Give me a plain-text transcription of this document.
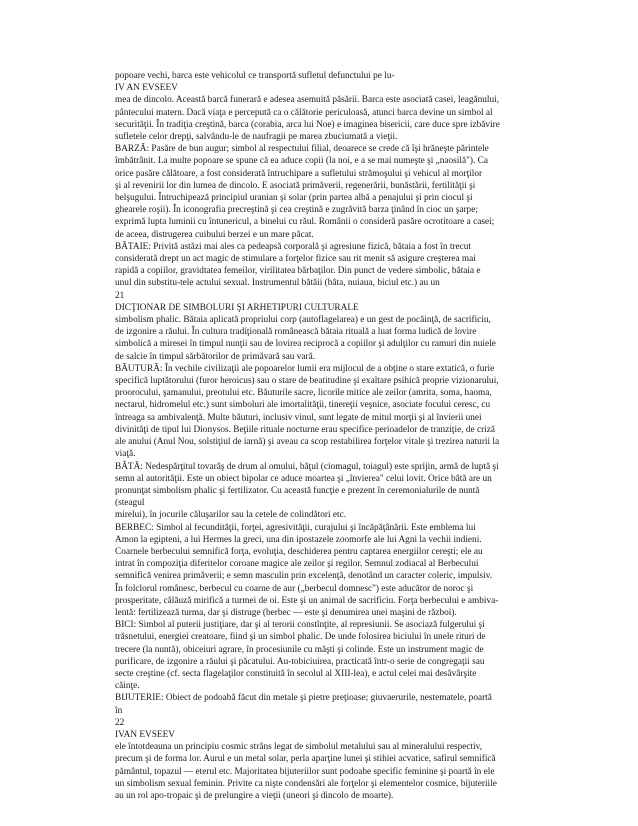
popoare vechi, barca este vehicolul ce transportă sufletul defunctului pe lu-

IV AN EVSEEV

mea de dincolo. Această barcă funerară e adesea asemuită păsării. Barca este asociată casei, leagănului,

pântecului matern. Dacă viaţa e percepută ca o călătorie periculoasă, atunci barca devine un simbol al

securităţii. În tradiţia creştină, barca (corabia, arca lui Noe) e imaginea bisericii, care duce spre izbăvire

sufletele celor drepţi, salvându-le de naufragii pe marea zbuciumată a vieţii.

BARZĂ: Pasăre de bun augur; simbol al respectului filial, deoarece se crede că îşi hrăneşte părintele

îmbătrânit. La multe popoare se spune că ea aduce copii (la noi, e a se mai numeşte şi „naosilă"). Ca

orice pasăre călătoare, a fost considerată întruchipare a sufletului strămoşului şi vehicul al morţilor

şi al revenirii lor din lumea de dincolo. E asociată primăverii, regenerării, bunăstării, fertilităţii şi

belşugului. Întruchipează principiul uranian şi solar (prin partea albă a penajului şi prin ciocul şi

ghearele roşii). În iconografia precreştină şi cea creştină e zugrăvită barza ţinând în cioc un şarpe;

exprimă lupta luminii cu întunericul, a binelui cu răul. Românii o consideră pasăre ocrotitoare a casei;

de aceea, distrugerea cuibului berzei e un mare păcat.

BĂTAIE: Privită astăzi mai ales ca pedeapsă corporală şi agresiune fizică, bătaia a fost în trecut

considerată drept un act magic de stimulare a forţelor fizice sau rit menit să asigure creşterea mai

rapidă a copiilor, gravidtatea femeilor, virilitatea bărbaţilor. Din punct de vedere simbolic, bătaia e

unul din substitu-tele actului sexual. Instrumentul bătăii (bâta, nuiaua, biciul etc.) au un

21

DICŢIONAR DE SIMBOLURI ŞI ARHETIPURI CULTURALE

simbolism phalic. Bătaia aplicată propriului corp (autoflagelarea) e un gest de pocăinţă, de sacrificiu,

de izgonire a răului. În cultura tradiţională românească bătaia rituală a luat forma ludică de lovire

simbolică a miresei în timpul nunţii sau de lovirea reciprocă a copiilor şi adulţilor cu ramuri din nuiele

de salcie în timpul sărbătorilor de primăvară sau vară.

BĂUTURĂ: În vechile civilizaţii ale popoarelor lumii era mijlocul de a obţine o stare extatică, o furie

specifică luptătorului (furor heroicus) sau o stare de beatitudine şi exaltare psihică proprie vizionarului,

proorocului, şamanului, preotului etc. Băuturile sacre, licorile mitice ale zeilor (amrita, soma, haoma,

nectarul, hidromelul etc.) sunt simboluri ale imortalităţii, tinereţii veşnice, asociate focului ceresc, cu

întreaga sa ambivalenţă. Multe băuturi, inclusiv vinul, sunt legate de mitul morţii şi al învierii unei

divinităţi de tipul lui Dionysos. Beţiile rituale nocturne erau specifice perioadelor de tranziţie, de criză

ale anului (Anul Nou, solstiţiul de iarnă) şi aveau ca scop restabilirea forţelor vitale şi trezirea naturii la

viaţă.

BÂTĂ: Nedespărţitul tovarăş de drum al omului, băţul (ciomagul, toiagul) este sprijin, armă de luptă şi

semn al autorităţii. Este un obiect bipolar ce aduce moartea şi „învierea" celui lovit. Orice bâtă are un

pronunţat simbolism phalic şi fertilizator. Cu această funcţie e prezent în ceremonialurile de nuntă

(steagul

mirelui), în jocurile căluşarilor sau la cetele de colindători etc.

BERBEC: Simbol al fecundităţii, forţei, agresivităţii, curajului şi încăpăţânării. Este emblema lui

Amon la egipteni, a lui Hermes la greci, una din ipostazele zoomorfe ale lui Agni la vechii indieni.

Coarnele berbecului semnifică forţa, evoluţia, deschiderea pentru captarea energiilor cereşti; ele au

intrat în compoziţia diferitelor coroane magice ale zeilor şi regilor. Semnul zodiacal al Berbecului

semnifică venirea primăverii; e semn masculin prin excelenţă, denotând un caracter coleric, impulsiv.

În folclorul românesc, berbecul cu coarne de aur („berbecul domnesc") este aducător de noroc şi

prosperitate, călăuză mirifică a turmei de oi. Este şi un animal de sacrificiu. Forţa berbecului e ambiva-

lentă: fertilizează turma, dar şi distruge (berbec — este şi denumirea unei maşini de război).

BICI: Simbol al puterii justiţiare, dar şi al terorii constînţite, al represiunii. Se asociază fulgerului şi

trăsnetului, energiei creatoare, fiind şi un simbol phalic. De unde folosirea biciului în unele rituri de

trecere (la nuntă), obiceiuri agrare, în procesiunile cu măşti şi colinde. Este un instrument magic de

purificare, de izgonire a răului şi păcatului. Au-tobiciuirea, practicată într-o serie de congregaţii sau

secte creştine (cf. secta flagelaţilor constituită în secolul al XIII-lea), e actul celei mai desăvârşite

căinţe.

BIJUTERIE: Obiect de podoabă făcut din metale şi pietre preţioase; giuvaerurile, nestematele, poartă

în

22

IVAN EVSEEV

ele întotdeauna un principiu cosmic strâns legat de simbolul metalului sau al mineralului respectiv,

precum şi de forma lor. Aurul e un metal solar, perla aparţine lunei şi stihiei acvatice, safirul semnifică

pământul, topazul — eterul etc. Majoritatea bijuteriilor sunt podoabe specific feminine şi poartă în ele

un simbolism sexual feminin. Privite ca nişte condensări ale forţelor şi elementelor cosmice, bijuteriile

au un rol apo-tropaic şi de prelungire a vieţii (uneori şi dincolo de moarte).
